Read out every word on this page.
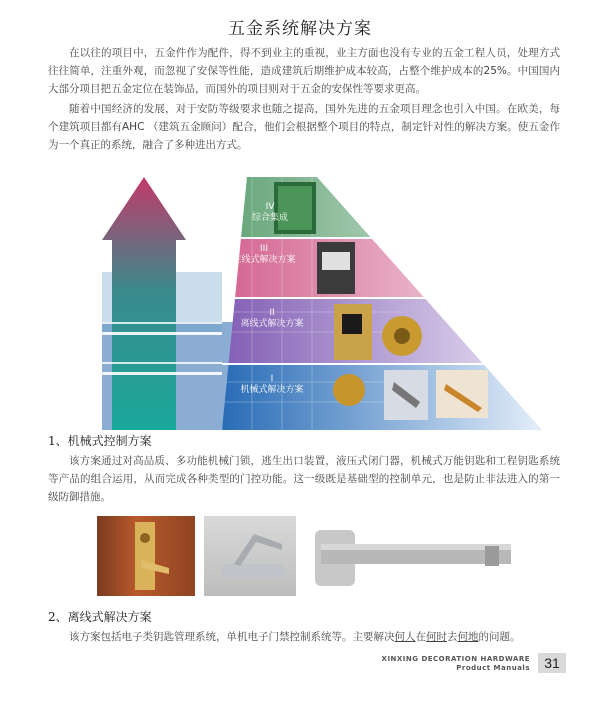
五金系统解决方案
在以往的项目中，五金件作为配件，得不到业主的重视，业主方面也没有专业的五金工程人员，处理方式往往简单，注重外观，而忽视了安保等性能，造成建筑后期维护成本较高，占整个维护成本的25%。中国国内大部分项目把五金定位在装饰品，而国外的项目则对于五金的安保性等要求更高。
随着中国经济的发展，对于安防等级要求也随之提高，国外先进的五金项目理念也引入中国。在欧美，每个建筑项目都有AHC （建筑五金顾问）配合，他们会根据整个项目的特点，制定针对性的解决方案。使五金作为一个真正的系统，融合了多种进出方式。
IV
综合集成
III
在线式解决方案
II
离线式解决方案
I
机械式解决方案
1、机械式控制方案
该方案通过对高品质、多功能机械门锁，逃生出口装置，液压式闭门器，机械式万能钥匙和工程钥匙系统等产品的组合运用，从而完成各种类型的门控功能。这一级既是基础型的控制单元，也是防止非法进入的第一级防御措施。
2、离线式解决方案
该方案包括电子类钥匙管理系统，单机电子门禁控制系统等。主要解决何人在何时去何地的问题。
XINXING DECORATION HARDWARE
Product Manuals	31
